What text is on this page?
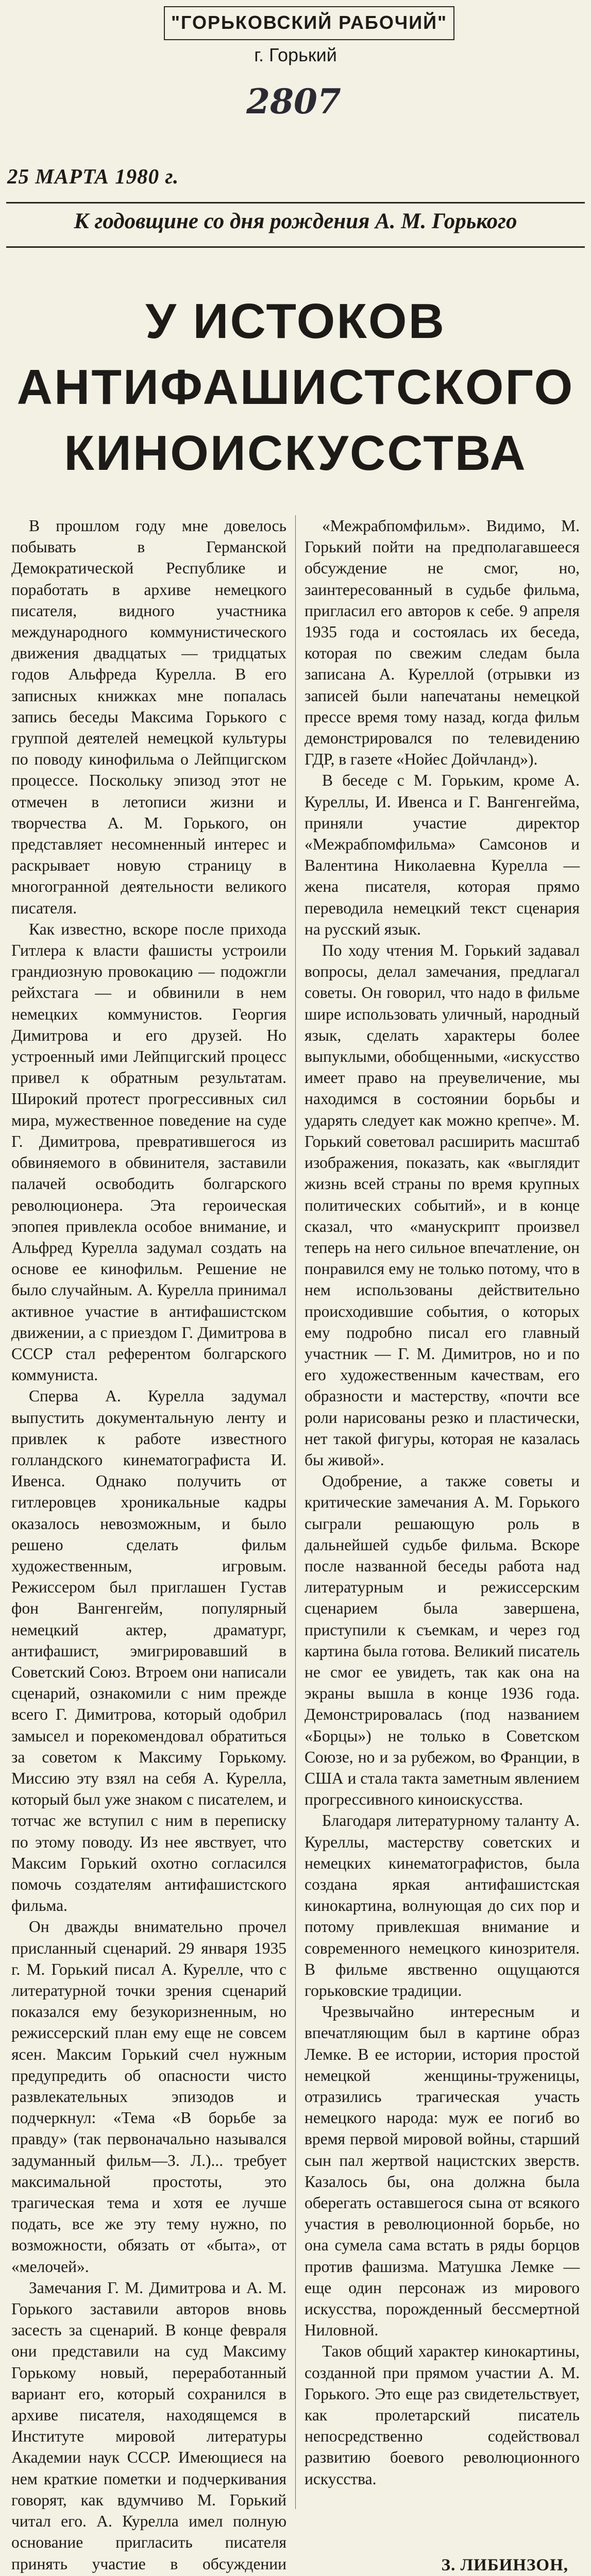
"ГОРЬКОВСКИЙ РАБОЧИЙ"
г. Горький
2807
25 МАРТА 1980 г.
К годовщине со дня рождения А. М. Горького
У ИСТОКОВ
АНТИФАШИСТСКОГО
КИНОИСКУССТВА

В прошлом году мне довелось побывать в Германской Демократической Республике и поработать в архиве немецкого писателя, видного участника международного коммунистического движения двадцатых — тридцатых годов Альфреда Курелла. В его записных книжках мне попалась запись беседы Максима Горького с группой деятелей немецкой культуры по поводу кинофильма о Лейпцигском процессе. Поскольку эпизод этот не отмечен в летописи жизни и творчества А. М. Горького, он представляет несомненный интерес и раскрывает новую страницу в многогранной деятельности великого писателя.

Как известно, вскоре после прихода Гитлера к власти фашисты устроили грандиозную провокацию — подожгли рейхстага — и обвинили в нем немецких коммунистов. Георгия Димитрова и его друзей. Но устроенный ими Лейпцигский процесс привел к обратным результатам. Широкий протест прогрессивных сил мира, мужественное поведение на суде Г. Димитрова, превратившегося из обвиняемого в обвинителя, заставили палачей освободить болгарского революционера. Эта героическая эпопея привлекла особое внимание, и Альфред Курелла задумал создать на основе ее кинофильм. Решение не было случайным. А. Курелла принимал активное участие в антифашистском движении, а с приездом Г. Димитрова в СССР стал референтом болгарского коммуниста.

Сперва А. Курелла задумал выпустить документальную ленту и привлек к работе известного голландского кинематографиста И. Ивенса. Однако получить от гитлеровцев хроникальные кадры оказалось невозможным, и было решено сделать фильм художественным, игровым. Режиссером был приглашен Густав фон Вангенгейм, популярный немецкий актер, драматург, антифашист, эмигрировавший в Советский Союз. Втроем они написали сценарий, ознакомили с ним прежде всего Г. Димитрова, который одобрил замысел и порекомендовал обратиться за советом к Максиму Горькому. Миссию эту взял на себя А. Курелла, который был уже знаком с писателем, и тотчас же вступил с ним в переписку по этому поводу. Из нее явствует, что Максим Горький охотно согласился помочь создателям антифашистского фильма.

Он дважды внимательно прочел присланный сценарий. 29 января 1935 г. М. Горький писал А. Курелле, что с литературной точки зрения сценарий показался ему безукоризненным, но режиссерский план ему еще не совсем ясен. Максим Горький счел нужным предупредить об опасности чисто развлекательных эпизодов и подчеркнул: «Тема «В борьбе за правду» (так первоначально назывался задуманный фильм—З. Л.)... требует максимальной простоты, это трагическая тема и хотя ее лучше подать, все же эту тему нужно, по возможности, обязать от «быта», от «мелочей».

Замечания Г. М. Димитрова и А. М. Горького заставили авторов вновь засесть за сценарий. В конце февраля они представили на суд Максиму Горькому новый, переработанный вариант его, который сохранился в архиве писателя, находящемся в Институте мировой литературы Академии наук СССР. Имеющиеся на нем краткие пометки и подчеркивания говорят, как вдумчиво М. Горький читал его. А. Курелла имел полную основание пригласить писателя принять участие в обсуждении

«Межрабпомфильм». Видимо, М. Горький пойти на предполагавшееся обсуждение не смог, но, заинтересованный в судьбе фильма, пригласил его авторов к себе. 9 апреля 1935 года и состоялась их беседа, которая по свежим следам была записана А. Куреллой (отрывки из записей были напечатаны немецкой прессе время тому назад, когда фильм демонстрировался по телевидению ГДР, в газете «Нойес Дойчланд»).

В беседе с М. Горьким, кроме А. Куреллы, И. Ивенса и Г. Вангенгейма, приняли участие директор «Межрабпомфильма» Самсонов и Валентина Николаевна Курелла — жена писателя, которая прямо переводила немецкий текст сценария на русский язык.

По ходу чтения М. Горький задавал вопросы, делал замечания, предлагал советы. Он говорил, что надо в фильме шире использовать уличный, народный язык, сделать характеры более выпуклыми, обобщенными, «искусство имеет право на преувеличение, мы находимся в состоянии борьбы и ударять следует как можно крепче». М. Горький советовал расширить масштаб изображения, показать, как «выглядит жизнь всей страны по время крупных политических событий», и в конце сказал, что «манускрипт произвел теперь на него сильное впечатление, он понравился ему не только потому, что в нем использованы действительно происходившие события, о которых ему подробно писал его главный участник — Г. М. Димитров, но и по его художественным качествам, его образности и мастерству, «почти все роли нарисованы резко и пластически, нет такой фигуры, которая не казалась бы живой».

Одобрение, а также советы и критические замечания А. М. Горького сыграли решающую роль в дальнейшей судьбе фильма. Вскоре после названной беседы работа над литературным и режиссерским сценарием была завершена, приступили к съемкам, и через год картина была готова. Великий писатель не смог ее увидеть, так как она на экраны вышла в конце 1936 года. Демонстрировалась (под названием «Борцы») не только в Советском Союзе, но и за рубежом, во Франции, в США и стала такта заметным явлением прогрессивного киноискусства.

Благодаря литературному таланту А. Куреллы, мастерству советских и немецких кинематографистов, была создана яркая антифашистская кинокартина, волнующая до сих пор и потому привлекшая внимание и современного немецкого кинозрителя. В фильме явственно ощущаются горьковские традиции.

Чрезвычайно интересным и впечатляющим был в картине образ Лемке. В ее истории, история простой немецкой женщины-труженицы, отразились трагическая участь немецкого народа: муж ее погиб во время первой мировой войны, старший сын пал жертвой нацистских зверств. Казалось бы, она должна была оберегать оставшегося сына от всякого участия в революционной борьбе, но она сумела сама встать в ряды борцов против фашизма. Матушка Лемке — еще один персонаж из мирового искусства, порожденный бессмертной Ниловной.

Таков общий характер кинокартины, созданной при прямом участии А. М. Горького. Это еще раз свидетельствует, как пролетарский писатель непосредственно содействовал развитию боевого революционного искусства.

З. ЛИБИНЗОН,
